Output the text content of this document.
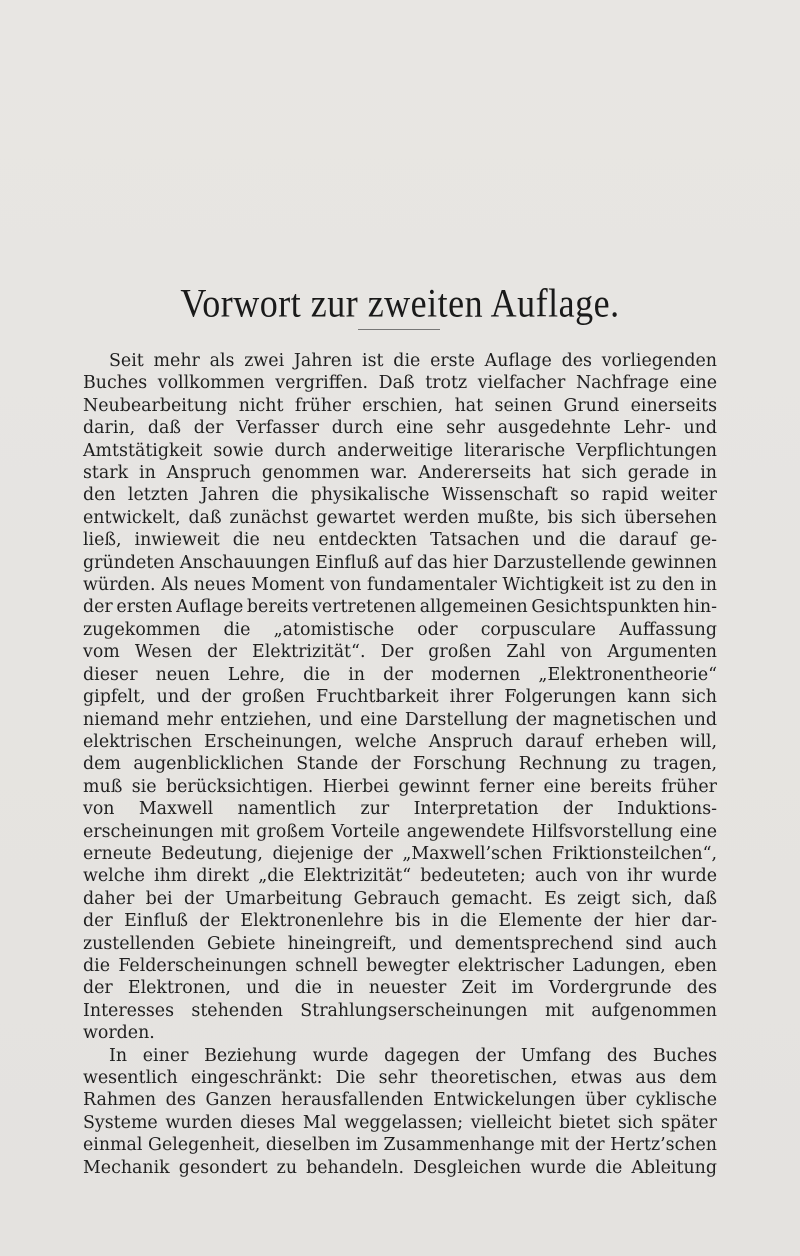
Vorwort zur zweiten Auflage.

Seit mehr als zwei Jahren ist die erste Auflage des vorliegenden
Buches vollkommen vergriffen. Daß trotz vielfacher Nachfrage eine
Neubearbeitung nicht früher erschien, hat seinen Grund einerseits
darin, daß der Verfasser durch eine sehr ausgedehnte Lehr- und
Amtstätigkeit sowie durch anderweitige literarische Verpflichtungen
stark in Anspruch genommen war. Andererseits hat sich gerade in
den letzten Jahren die physikalische Wissenschaft so rapid weiter
entwickelt, daß zunächst gewartet werden mußte, bis sich übersehen
ließ, inwieweit die neu entdeckten Tatsachen und die darauf ge-
gründeten Anschauungen Einfluß auf das hier Darzustellende gewinnen
würden. Als neues Moment von fundamentaler Wichtigkeit ist zu den in
der ersten Auflage bereits vertretenen allgemeinen Gesichtspunkten hin-
zugekommen die „atomistische oder corpusculare Auffassung
vom Wesen der Elektrizität“. Der großen Zahl von Argumenten
dieser neuen Lehre, die in der modernen „Elektronentheorie“
gipfelt, und der großen Fruchtbarkeit ihrer Folgerungen kann sich
niemand mehr entziehen, und eine Darstellung der magnetischen und
elektrischen Erscheinungen, welche Anspruch darauf erheben will,
dem augenblicklichen Stande der Forschung Rechnung zu tragen,
muß sie berücksichtigen. Hierbei gewinnt ferner eine bereits früher
von Maxwell namentlich zur Interpretation der Induktions-
erscheinungen mit großem Vorteile angewendete Hilfsvorstellung eine
erneute Bedeutung, diejenige der „Maxwell’schen Friktionsteilchen“,
welche ihm direkt „die Elektrizität“ bedeuteten; auch von ihr wurde
daher bei der Umarbeitung Gebrauch gemacht. Es zeigt sich, daß
der Einfluß der Elektronenlehre bis in die Elemente der hier dar-
zustellenden Gebiete hineingreift, und dementsprechend sind auch
die Felderscheinungen schnell bewegter elektrischer Ladungen, eben
der Elektronen, und die in neuester Zeit im Vordergrunde des
Interesses stehenden Strahlungserscheinungen mit aufgenommen
worden.

In einer Beziehung wurde dagegen der Umfang des Buches
wesentlich eingeschränkt: Die sehr theoretischen, etwas aus dem
Rahmen des Ganzen herausfallenden Entwickelungen über cyklische
Systeme wurden dieses Mal weggelassen; vielleicht bietet sich später
einmal Gelegenheit, dieselben im Zusammenhange mit der Hertz’schen
Mechanik gesondert zu behandeln. Desgleichen wurde die Ableitung
